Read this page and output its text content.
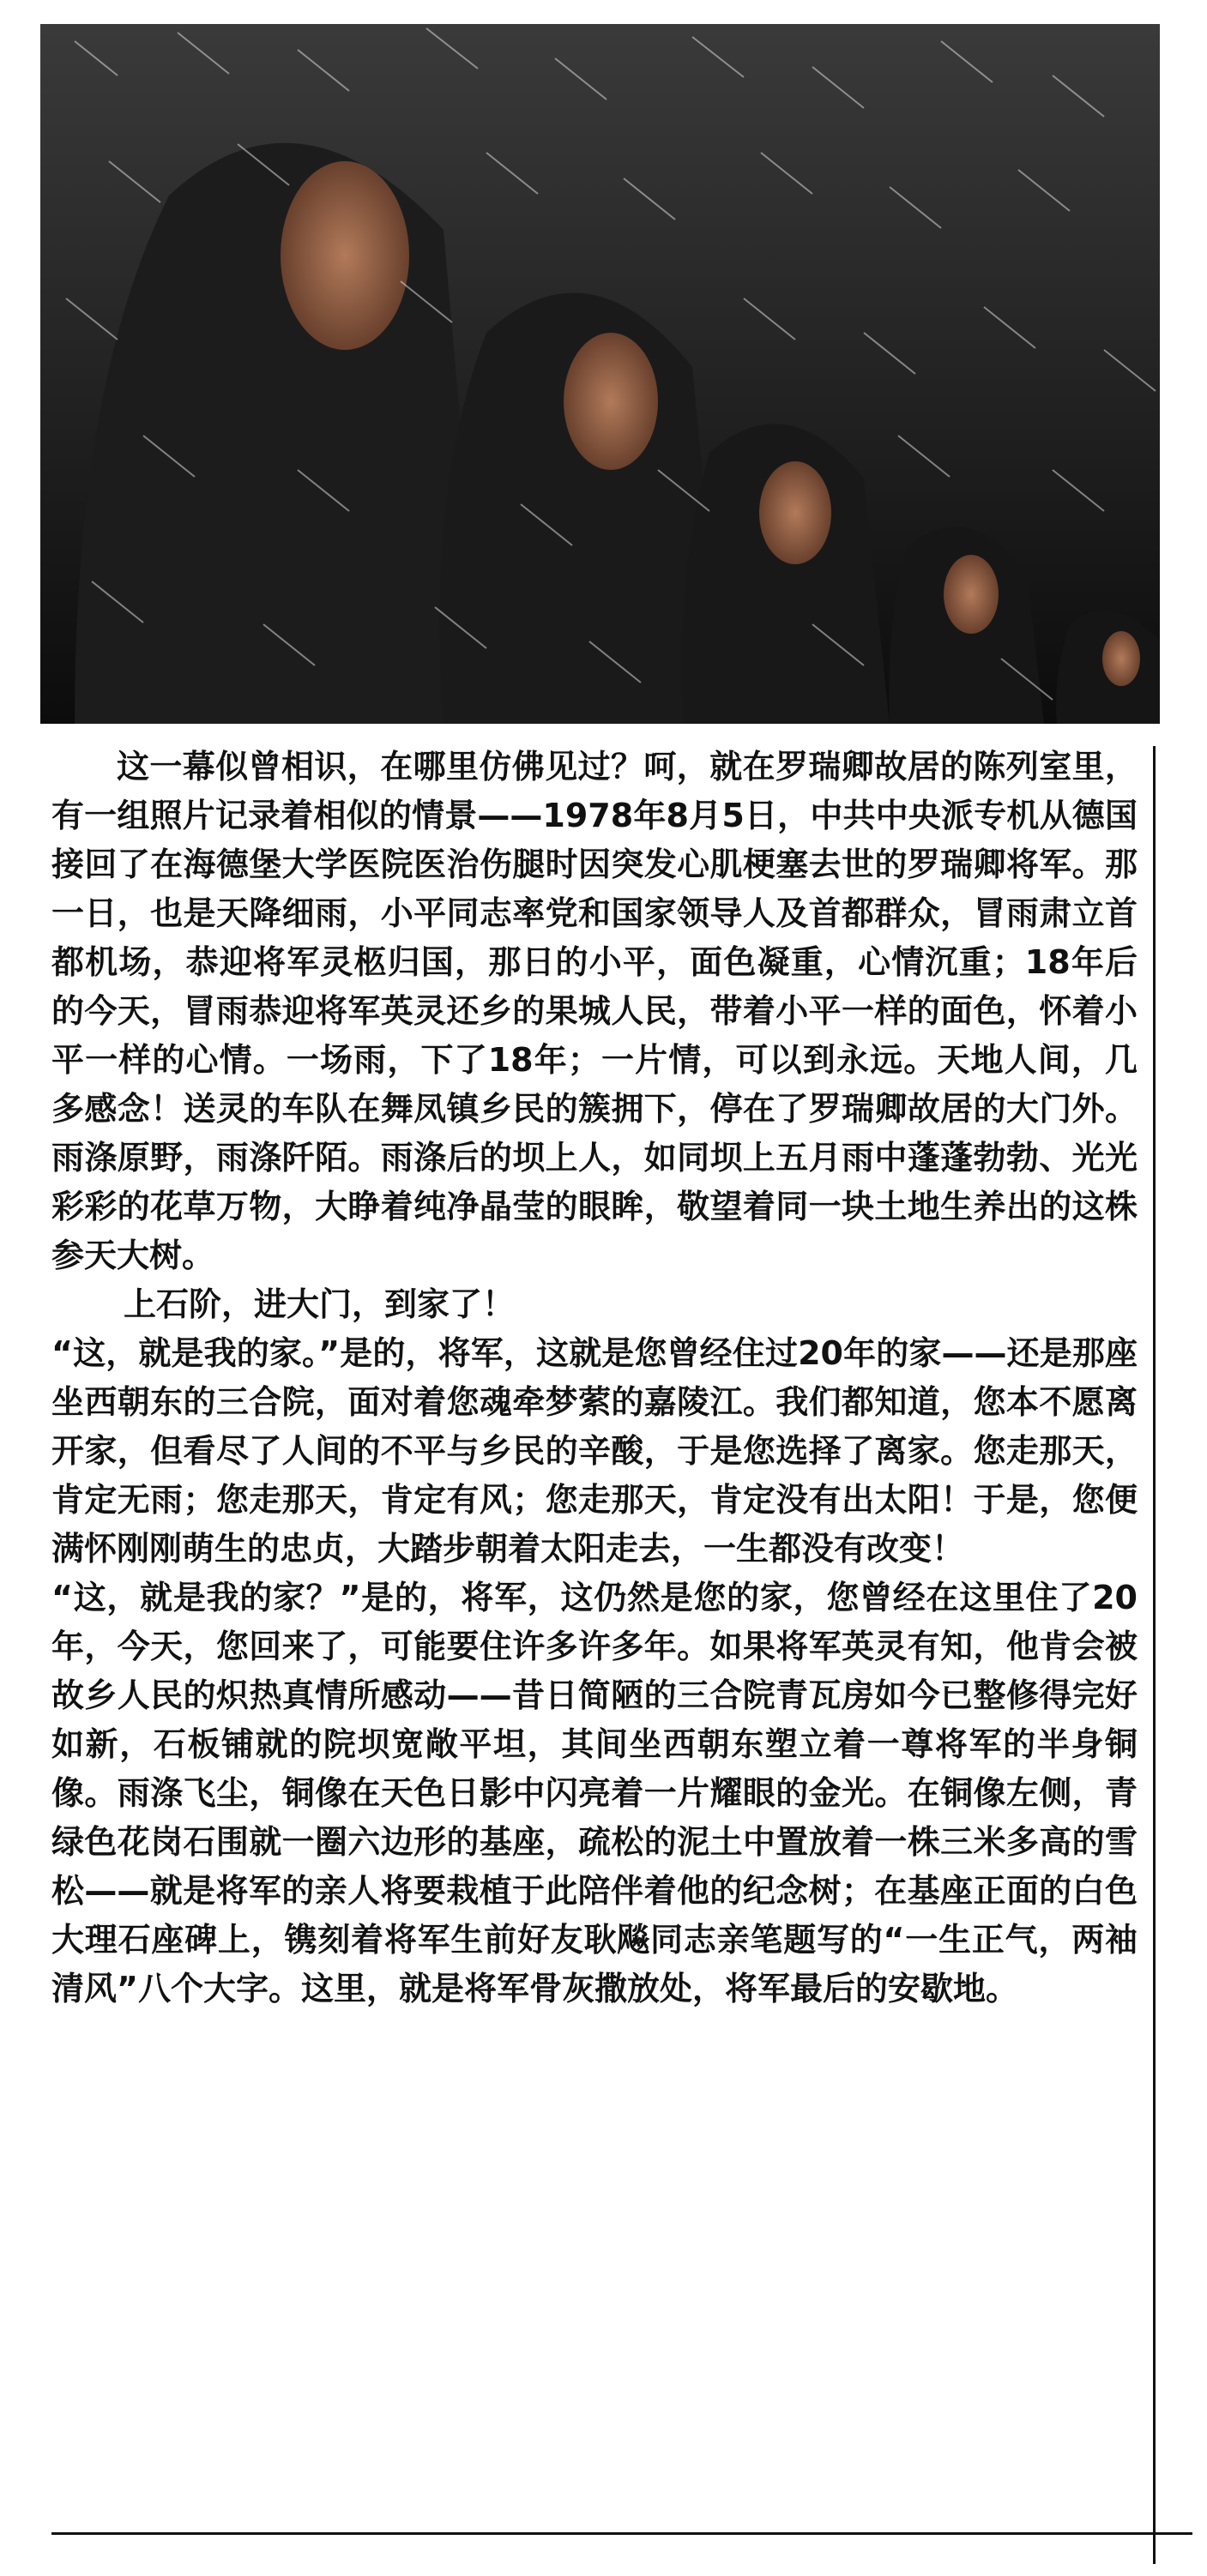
这一幕似曾相识，在哪里仿佛见过？呵，就在罗瑞卿故居的陈列室里，有一组照片记录着相似的情景——1978年8月5日，中共中央派专机从德国接回了在海德堡大学医院医治伤腿时因突发心肌梗塞去世的罗瑞卿将军。那一日，也是天降细雨，小平同志率党和国家领导人及首都群众，冒雨肃立首都机场，恭迎将军灵柩归国，那日的小平，面色凝重，心情沉重；18年后的今天，冒雨恭迎将军英灵还乡的果城人民，带着小平一样的面色，怀着小平一样的心情。一场雨，下了18年；一片情，可以到永远。天地人间，几多感念！送灵的车队在舞凤镇乡民的簇拥下，停在了罗瑞卿故居的大门外。雨涤原野，雨涤阡陌。雨涤后的坝上人，如同坝上五月雨中蓬蓬勃勃、光光彩彩的花草万物，大睁着纯净晶莹的眼眸，敬望着同一块土地生养出的这株参天大树。

上石阶，进大门，到家了！

“这，就是我的家。”是的，将军，这就是您曾经住过20年的家——还是那座坐西朝东的三合院，面对着您魂牵梦萦的嘉陵江。我们都知道，您本不愿离开家，但看尽了人间的不平与乡民的辛酸，于是您选择了离家。您走那天，肯定无雨；您走那天，肯定有风；您走那天，肯定没有出太阳！于是，您便满怀刚刚萌生的忠贞，大踏步朝着太阳走去，一生都没有改变！

“这，就是我的家？”是的，将军，这仍然是您的家，您曾经在这里住了20年，今天，您回来了，可能要住许多许多年。如果将军英灵有知，他肯会被故乡人民的炽热真情所感动——昔日简陋的三合院青瓦房如今已整修得完好如新，石板铺就的院坝宽敞平坦，其间坐西朝东塑立着一尊将军的半身铜像。雨涤飞尘，铜像在天色日影中闪亮着一片耀眼的金光。在铜像左侧，青绿色花岗石围就一圈六边形的基座，疏松的泥土中置放着一株三米多高的雪松——就是将军的亲人将要栽植于此陪伴着他的纪念树；在基座正面的白色大理石座碑上，镌刻着将军生前好友耿飚同志亲笔题写的“一生正气，两袖清风”八个大字。这里，就是将军骨灰撒放处，将军最后的安歇地。
